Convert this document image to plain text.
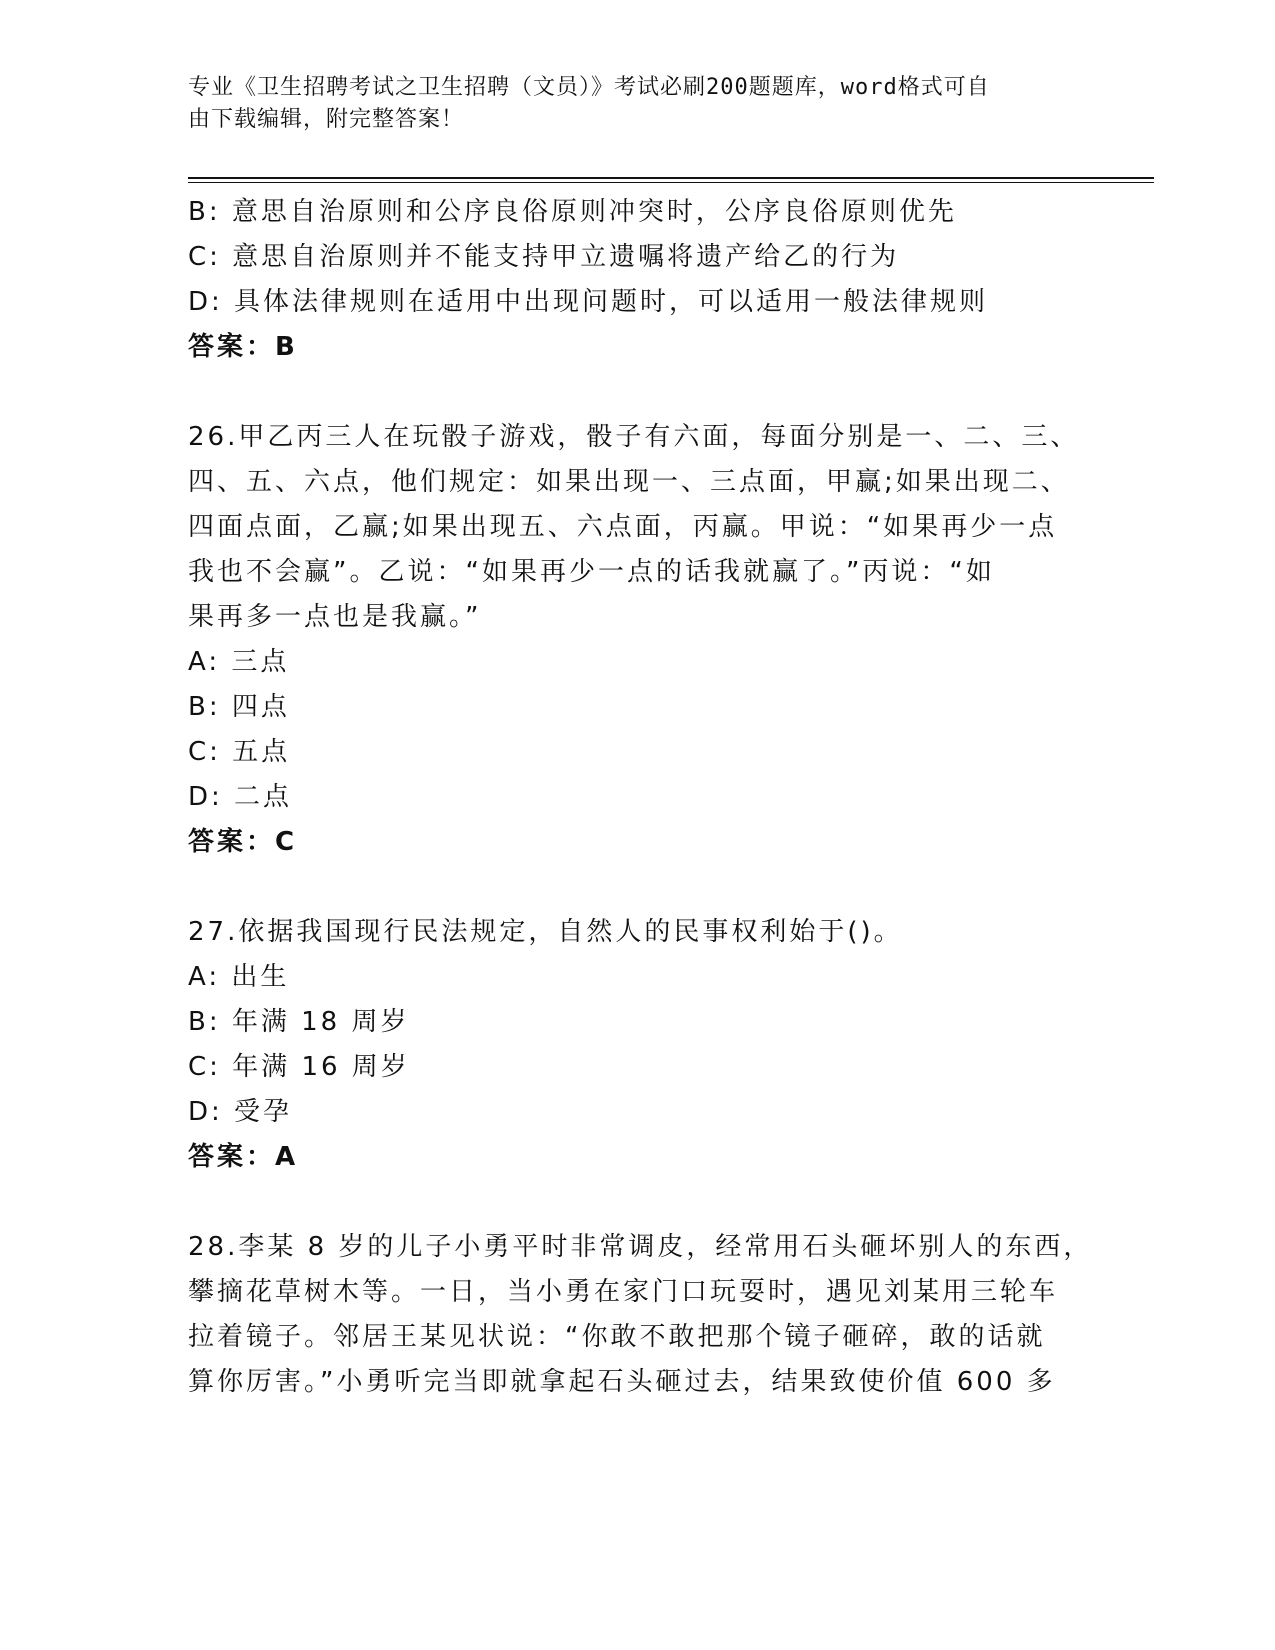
专业《卫生招聘考试之卫生招聘（文员）》考试必刷200题题库，word格式可自
由下载编辑，附完整答案！
B: 意思自治原则和公序良俗原则冲突时，公序良俗原则优先
C: 意思自治原则并不能支持甲立遗嘱将遗产给乙的行为
D: 具体法律规则在适用中出现问题时，可以适用一般法律规则
答案：B
26.甲乙丙三人在玩骰子游戏，骰子有六面，每面分别是一、二、三、
四、五、六点，他们规定：如果出现一、三点面，甲赢;如果出现二、
四面点面，乙赢;如果出现五、六点面，丙赢。甲说：“如果再少一点
我也不会赢”。乙说：“如果再少一点的话我就赢了。”丙说：“如
果再多一点也是我赢。”
A: 三点
B: 四点
C: 五点
D: 二点
答案：C
27.依据我国现行民法规定，自然人的民事权利始于()。
A: 出生
B: 年满 18 周岁
C: 年满 16 周岁
D: 受孕
答案：A
28.李某 8 岁的儿子小勇平时非常调皮，经常用石头砸坏别人的东西，
攀摘花草树木等。一日，当小勇在家门口玩耍时，遇见刘某用三轮车
拉着镜子。邻居王某见状说：“你敢不敢把那个镜子砸碎，敢的话就
算你厉害。”小勇听完当即就拿起石头砸过去，结果致使价值 600 多
